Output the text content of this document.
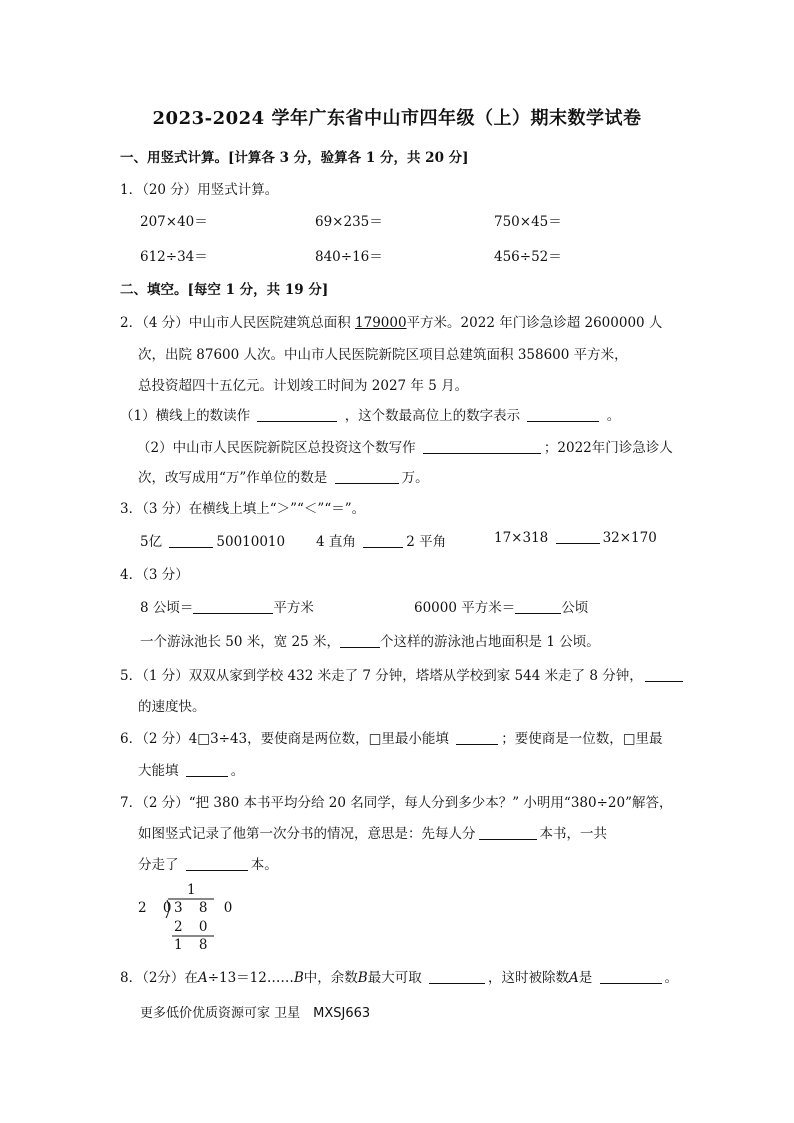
2023-2024 学年广东省中山市四年级（上）期末数学试卷
一、用竖式计算。[计算各 3 分，验算各 1 分，共 20 分]
1．（20 分）用竖式计算。
207×40＝	69×235＝	750×45＝
612÷34＝	840÷16＝	456÷52＝
二、填空。[每空 1 分，共 19 分]
2．（4 分）中山市人民医院建筑总面积 179000平方米。2022 年门诊急诊超 2600000 人
次，出院 87600 人次。中山市人民医院新院区项目总建筑面积 358600 平方米，
总投资超四十五亿元。计划竣工时间为 2027 年 5 月。
（1）横线上的数读作	，这个数最高位上的数字表示	。
（2）中山市人民医院新院区总投资这个数写作	；2022年门诊急诊人
次，改写成用“万”作单位的数是	万。
3．（3 分）在横线上填上“＞”“＜”“＝”。
5亿	50010010 4 直角	2 平角	17×318	32×170
4．（3 分）
8 公顷＝	平方米	60000 平方米＝	公顷
一个游泳池长 50 米，宽 25 米，	个这样的游泳池占地面积是 1 公顷。
5．（1 分）双双从家到学校 432 米走了 7 分钟，塔塔从学校到家 544 米走了 8 分钟，
的速度快。
6．（2 分）4□3÷43，要使商是两位数，□里最小能填	；要使商是一位数，□里最
大能填	。
7．（2 分）“把 380 本书平均分给 20 名同学，每人分到多少本？” 小明用“380÷20”解答，
如图竖式记录了他第一次分书的情况，意思是：先每人分	本书，一共
分走了	本。
1
2 0
3 8 0
2 0
1 8
8．（2分）在A÷13＝12……B中，余数B最大可取	，这时被除数A是	。
更多低价优质资源可家 卫星　MXSJ663
